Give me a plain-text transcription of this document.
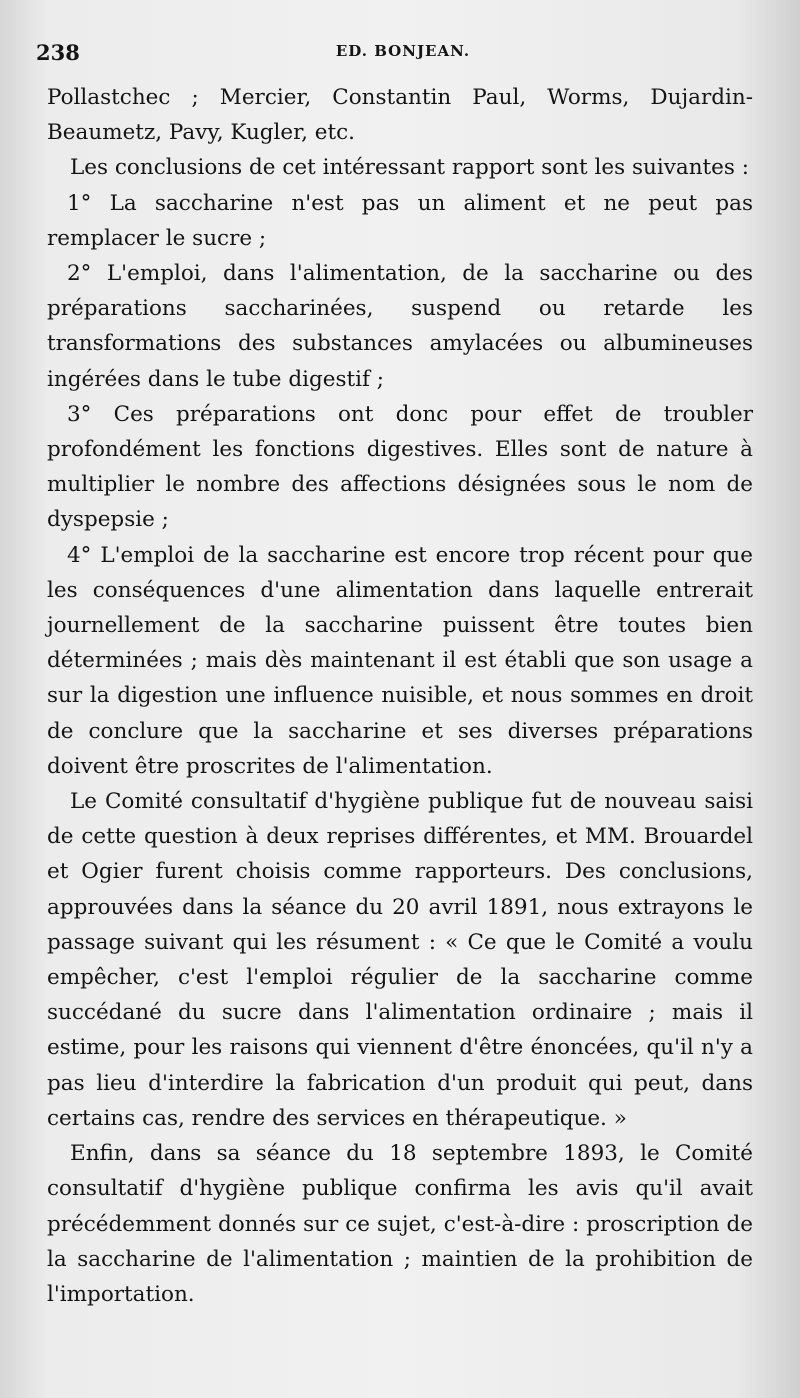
238	ED. BONJEAN.

Pollastchec ; Mercier, Constantin Paul, Worms, Dujardin-Beaumetz, Pavy, Kugler, etc.

Les conclusions de cet intéressant rapport sont les suivantes :

1° La saccharine n'est pas un aliment et ne peut pas remplacer le sucre ;

2° L'emploi, dans l'alimentation, de la saccharine ou des préparations saccharinées, suspend ou retarde les transformations des substances amylacées ou albumineuses ingérées dans le tube digestif ;

3° Ces préparations ont donc pour effet de troubler profondément les fonctions digestives. Elles sont de nature à multiplier le nombre des affections désignées sous le nom de dyspepsie ;

4° L'emploi de la saccharine est encore trop récent pour que les conséquences d'une alimentation dans laquelle entrerait journellement de la saccharine puissent être toutes bien déterminées ; mais dès maintenant il est établi que son usage a sur la digestion une influence nuisible, et nous sommes en droit de conclure que la saccharine et ses diverses préparations doivent être proscrites de l'alimentation.

Le Comité consultatif d'hygiène publique fut de nouveau saisi de cette question à deux reprises différentes, et MM. Brouardel et Ogier furent choisis comme rapporteurs. Des conclusions, approuvées dans la séance du 20 avril 1891, nous extrayons le passage suivant qui les résument : « Ce que le Comité a voulu empêcher, c'est l'emploi régulier de la saccharine comme succédané du sucre dans l'alimentation ordinaire ; mais il estime, pour les raisons qui viennent d'être énoncées, qu'il n'y a pas lieu d'interdire la fabrication d'un produit qui peut, dans certains cas, rendre des services en thérapeutique. »

Enfin, dans sa séance du 18 septembre 1893, le Comité consultatif d'hygiène publique confirma les avis qu'il avait précédemment donnés sur ce sujet, c'est-à-dire : proscription de la saccharine de l'alimentation ; maintien de la prohibition de l'importation.
